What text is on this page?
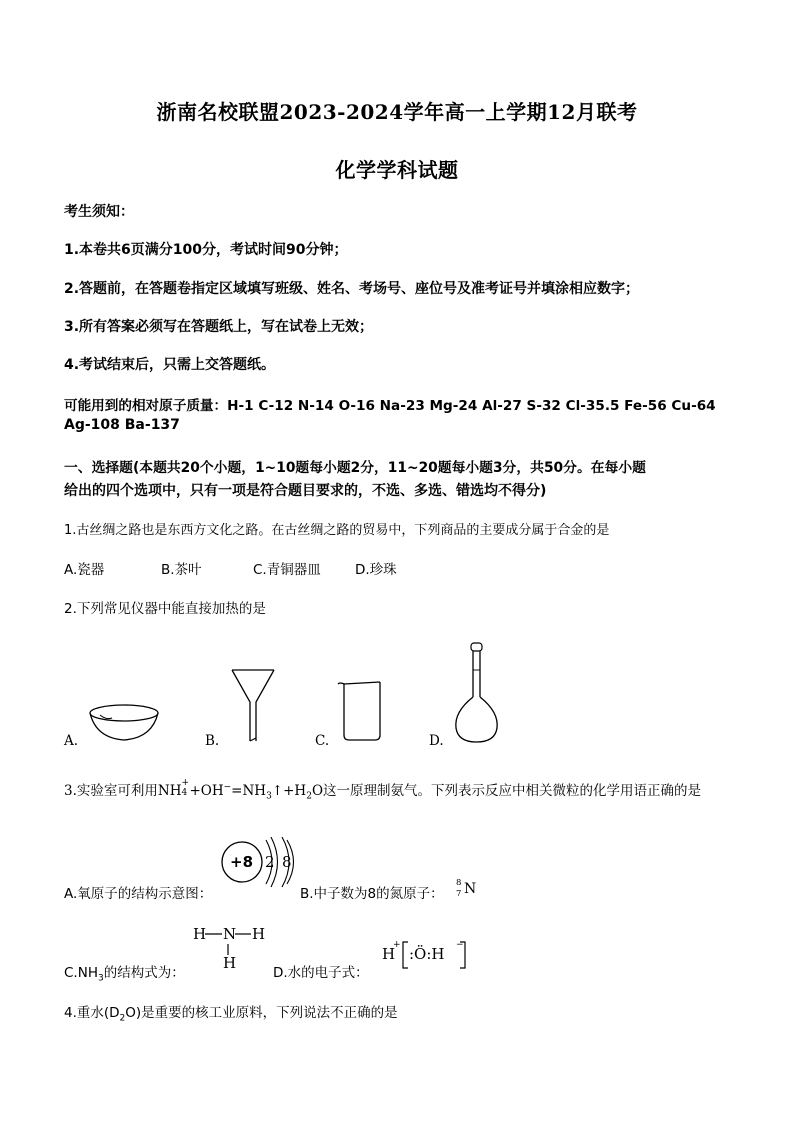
浙南名校联盟2023-2024学年高一上学期12月联考
化学学科试题
考生须知：
1.本卷共6页满分100分，考试时间90分钟；
2.答题前，在答题卷指定区域填写班级、姓名、考场号、座位号及准考证号并填涂相应数字；
3.所有答案必须写在答题纸上，写在试卷上无效；
4.考试结束后，只需上交答题纸。
可能用到的相对原子质量：H-1 C-12 N-14 O-16 Na-23 Mg-24 Al-27 S-32 Cl-35.5 Fe-56 Cu-64
Ag-108 Ba-137
一、选择题(本题共20个小题，1~10题每小题2分，11~20题每小题3分，共50分。在每小题
给出的四个选项中，只有一项是符合题目要求的，不选、多选、错选均不得分)
1.古丝绸之路也是东西方文化之路。在古丝绸之路的贸易中，下列商品的主要成分属于合金的是
A.瓷器	B.茶叶	C.青铜器皿	D.珍珠
2.下列常见仪器中能直接加热的是
A.	B.	C.	D.
3.实验室可利用NH +
$4 +OH^-=NH_3↑+H_2O$这一原理制氨气。下列表示反应中相关微粒的化学用语正确的是
A.氧原子的结构示意图：
+8 2 8
B.中子数为8的氮原子：
8
7 N
$C.NH_3$的结构式为：
H N H
H
D.水的电子式：
H
+ :Ö:H −
4.重水$(D_2O)$是重要的核工业原料，下列说法不正确的是
